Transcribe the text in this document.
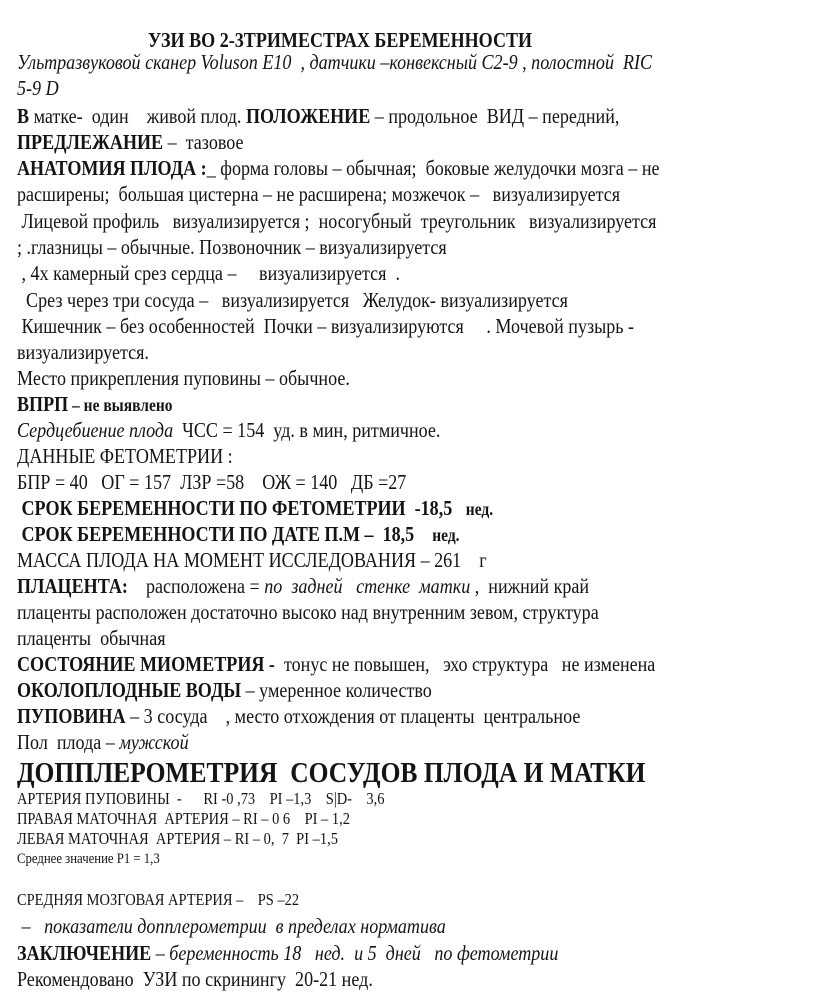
УЗИ ВО 2-3ТРИМЕСТРАХ БЕРЕМЕННОСТИ
Ультразвуковой сканер Voluson E10  , датчики –конвексный C2-9 , полостной  RIC
5-9 D
В матке-  один    живой плод. ПОЛОЖЕНИЕ – продольное  ВИД – передний,
ПРЕДЛЕЖАНИЕ –  тазовое
АНАТОМИЯ ПЛОДА :_ форма головы – обычная;  боковые желудочки мозга – не
расширены;  большая цистерна – не расширена; мозжечок –   визуализируется
Лицевой профиль   визуализируется ;  носогубный  треугольник   визуализируется
; .глазницы – обычные. Позвоночник – визуализируется
, 4х камерный срез сердца –     визуализируется  .
Срез через три сосуда –   визуализируется   Желудок- визуализируется
Кишечник – без особенностей  Почки – визуализируются     . Мочевой пузырь -
визуализируется.
Место прикрепления пуповины – обычное.
ВПРП – не выявлено
Сердцебиение плода  ЧСС = 154  уд. в мин, ритмичное.
ДАННЫЕ ФЕТОМЕТРИИ :
БПР = 40   ОГ = 157  ЛЗР =58    ОЖ = 140   ДБ =27
СРОК БЕРЕМЕННОСТИ ПО ФЕТОМЕТРИИ  -18,5   нед.
СРОК БЕРЕМЕННОСТИ ПО ДАТЕ П.М –  18,5    нед.
МАССА ПЛОДА НА МОМЕНТ ИССЛЕДОВАНИЯ – 261    г
ПЛАЦЕНТА:    расположена = по  задней   стенке  матки ,  нижний край
плаценты расположен достаточно высоко над внутренним зевом, структура
плаценты  обычная
СОСТОЯНИЕ МИОМЕТРИЯ -  тонус не повышен,   эхо структура   не изменена
ОКОЛОПЛОДНЫЕ ВОДЫ – умеренное количество
ПУПОВИНА – 3 сосуда    , место отхождения от плаценты  центральное
Пол  плода – мужской
ДОППЛЕРОМЕТРИЯ  СОСУДОВ ПЛОДА И МАТКИ
АРТЕРИЯ ПУПОВИНЫ  -      RI -0 ,73    PI –1,3    S|D-    3,6
ПРАВАЯ МАТОЧНАЯ  АРТЕРИЯ – RI – 0 6    PI – 1,2
ЛЕВАЯ МАТОЧНАЯ  АРТЕРИЯ – RI – 0,  7  PI –1,5
Среднее значение P1 = 1,3
СРЕДНЯЯ МОЗГОВАЯ АРТЕРИЯ –    PS –22
–   показатели допплерометрии  в пределах норматива
ЗАКЛЮЧЕНИЕ – беременность 18   нед.  и 5  дней   по фетометрии
Рекомендовано  УЗИ по скринингу  20-21 нед.
